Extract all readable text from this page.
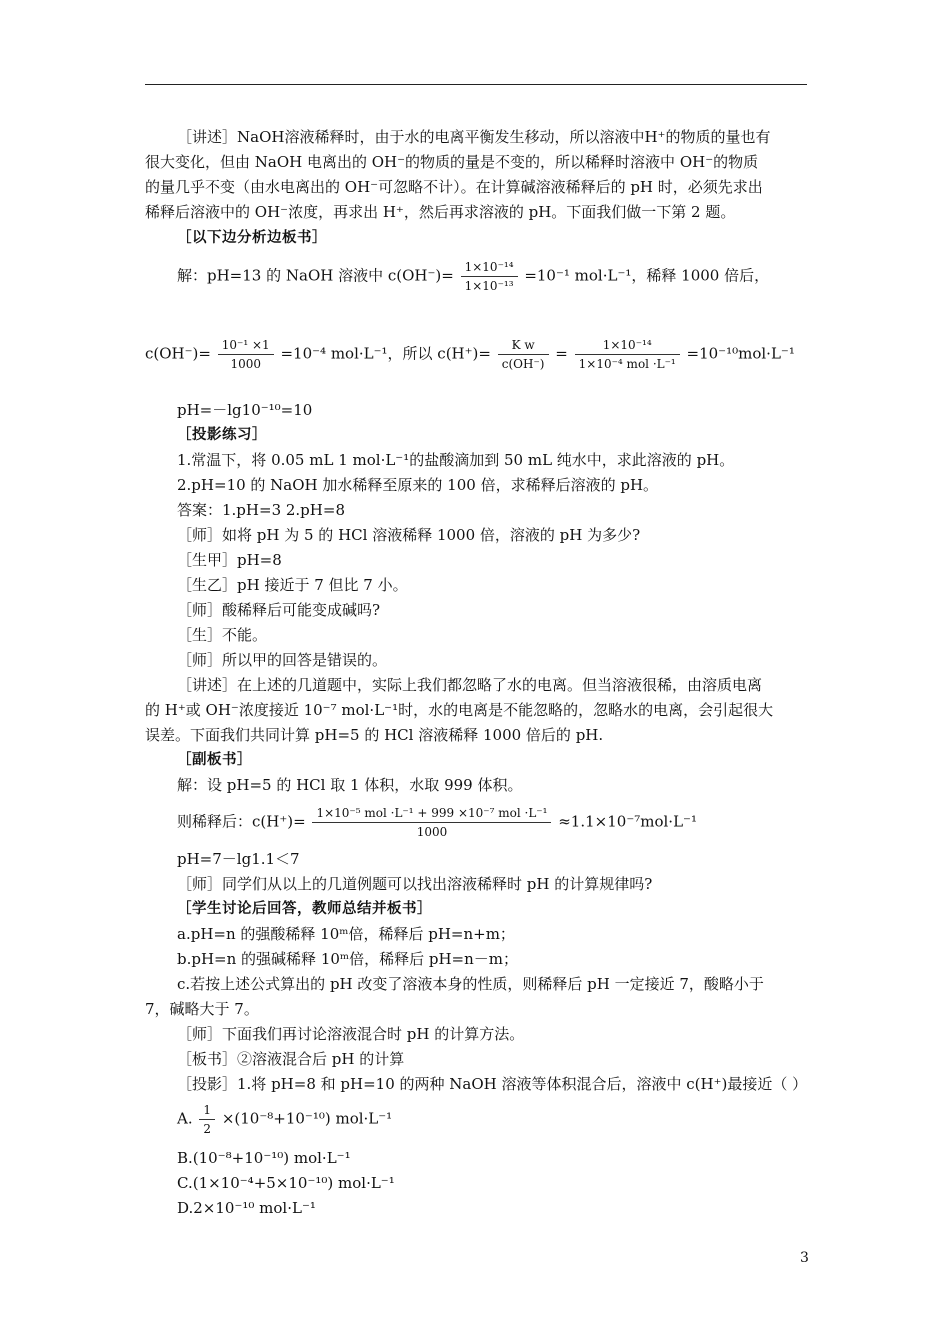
［讲述］NaOH溶液稀释时，由于水的电离平衡发生移动，所以溶液中H⁺的物质的量也有
很大变化，但由 NaOH 电离出的 OH⁻的物质的量是不变的，所以稀释时溶液中 OH⁻的物质
的量几乎不变（由水电离出的 OH⁻可忽略不计）。在计算碱溶液稀释后的 pH 时，必须先求出
稀释后溶液中的 OH⁻浓度，再求出 H⁺，然后再求溶液的 pH。下面我们做一下第 2 题。
［以下边分析边板书］
解：pH=13 的 NaOH 溶液中 $c(OH^-)= \frac{\text{1×10⁻¹⁴}}{\text{1×10⁻¹³}} =10^{-1}$ mol·L⁻¹，稀释 1000 倍后，
$c(OH^-)= \frac{\text{10⁻¹ ×1}}{1000} =10^{-4}$ mol·L⁻¹，所以 $c(H^+)= \frac{\text{K w}}{c(OH^-)} = \frac{\text{1×10⁻¹⁴}}{\text{1×10⁻⁴ mol ·L⁻¹}} =10^{-10}mol\cdot L^{-1}$
pH=－lg10⁻¹⁰=10
［投影练习］
1.常温下，将 0.05 mL 1 mol·L⁻¹的盐酸滴加到 50 mL 纯水中，求此溶液的 pH。
2.pH=10 的 NaOH 加水稀释至原来的 100 倍，求稀释后溶液的 pH。
答案：1.pH=3 2.pH=8
［师］如将 pH 为 5 的 HCl 溶液稀释 1000 倍，溶液的 pH 为多少?
［生甲］pH=8
［生乙］pH 接近于 7 但比 7 小。
［师］酸稀释后可能变成碱吗?
［生］不能。
［师］所以甲的回答是错误的。
［讲述］在上述的几道题中，实际上我们都忽略了水的电离。但当溶液很稀，由溶质电离
的 H⁺或 OH⁻浓度接近 10⁻⁷ mol·L⁻¹时，水的电离是不能忽略的，忽略水的电离，会引起很大
误差。下面我们共同计算 pH=5 的 HCl 溶液稀释 1000 倍后的 pH.
［副板书］
解：设 pH=5 的 HCl 取 1 体积，水取 999 体积。
则稀释后：$c(H^+)= \frac{\text{1×10⁻⁵ mol ·L⁻¹ + 999 ×10⁻⁷ mol ·L⁻¹}}{1000} \approx 1.1\times 10^{-7}mol\cdot L^{-1}$
pH=7－lg1.1＜7
［师］同学们从以上的几道例题可以找出溶液稀释时 pH 的计算规律吗?
［学生讨论后回答，教师总结并板书］
a.pH=n 的强酸稀释 10ᵐ倍，稀释后 pH=n+m；
b.pH=n 的强碱稀释 10ᵐ倍，稀释后 pH=n－m；
c.若按上述公式算出的 pH 改变了溶液本身的性质，则稀释后 pH 一定接近 7，酸略小于
7，碱略大于 7。
［师］下面我们再讨论溶液混合时 pH 的计算方法。
［板书］②溶液混合后 pH 的计算
［投影］1.将 pH=8 和 pH=10 的两种 NaOH 溶液等体积混合后，溶液中 c(H⁺)最接近（ ）
A. $\frac{1}{2} \times(10^{-8}+10^{-10})$ mol·L⁻¹
B.(10⁻⁸+10⁻¹⁰) mol·L⁻¹
C.(1×10⁻⁴+5×10⁻¹⁰) mol·L⁻¹
D.2×10⁻¹⁰ mol·L⁻¹
3
